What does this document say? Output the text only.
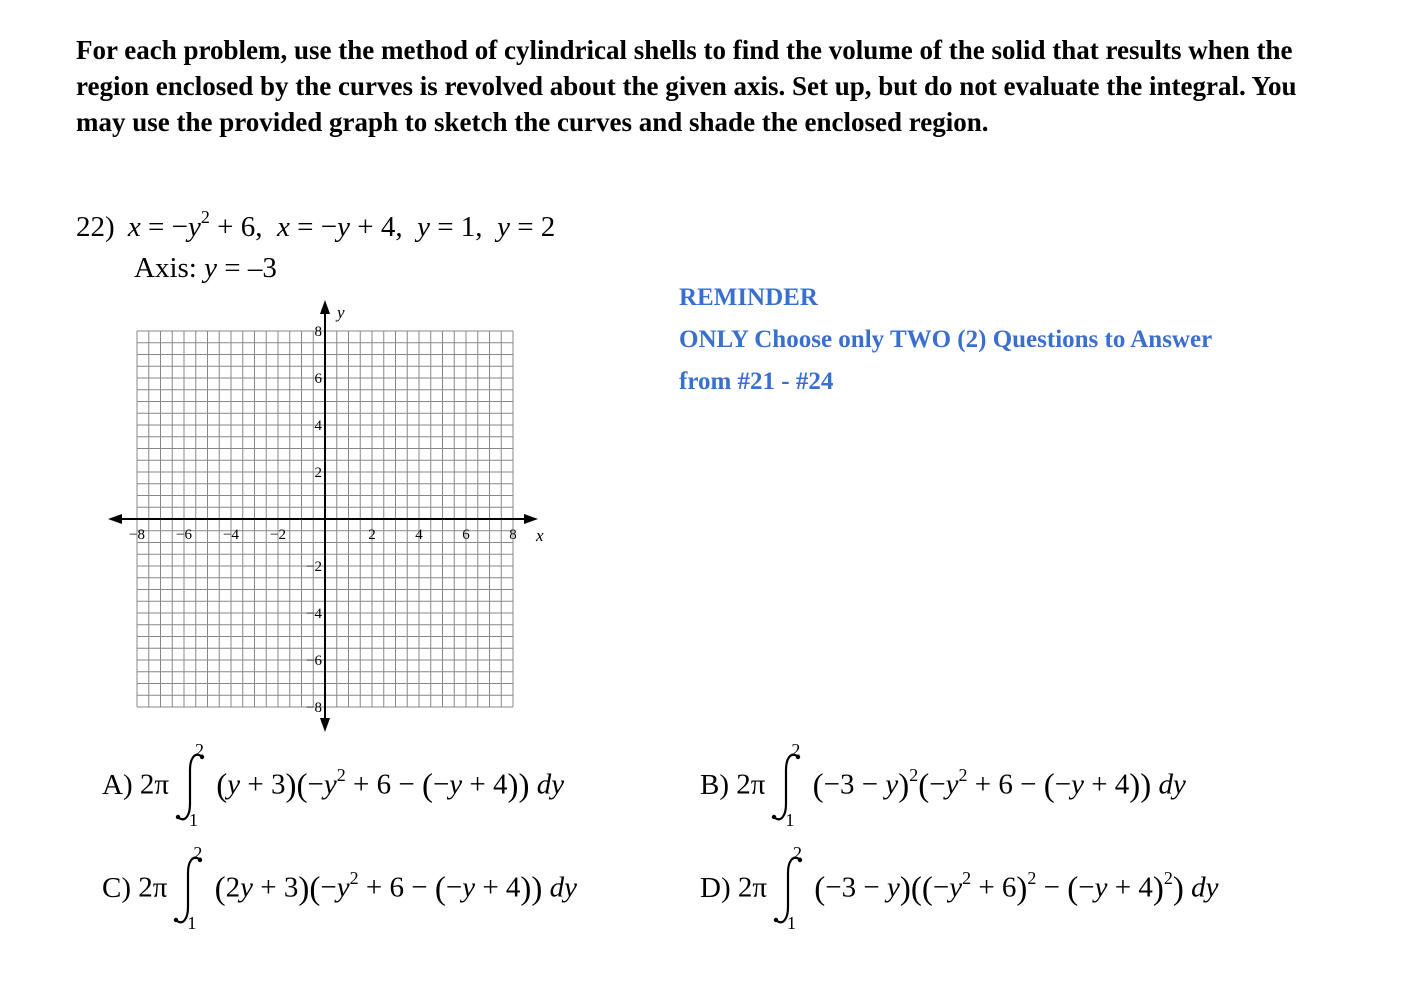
For each problem, use the method of cylindrical shells to find the volume of the solid that results when the region enclosed by the curves is revolved about the given axis. Set up, but do not evaluate the integral. You may use the provided graph to sketch the curves and shade the enclosed region.
22) $x = -y^2 + 6$,  x = −y + 4,  y = 1,  y = 2
Axis: y = –3
−8 −6 −4 −2	2	4	6	8
8
6
4
2
−2
−4
−6
−8
x
y
REMINDER
ONLY Choose only TWO (2) Questions to Answer
from #21 - #24
A) 2π
2
1
$(y + 3)(-y^2 + 6 - (-y + 4))$ dy	B) 2π
2
1
$(-3 - y)^2(-y^2 + 6 - (-y + 4))$ dy
C) 2π
2
1
$(2y + 3)(-y^2 + 6 - (-y + 4))$ dy	D) 2π
2
1
$(-3 - y)((-y^2 + 6)^2 - (-y + 4)^2)$ dy
